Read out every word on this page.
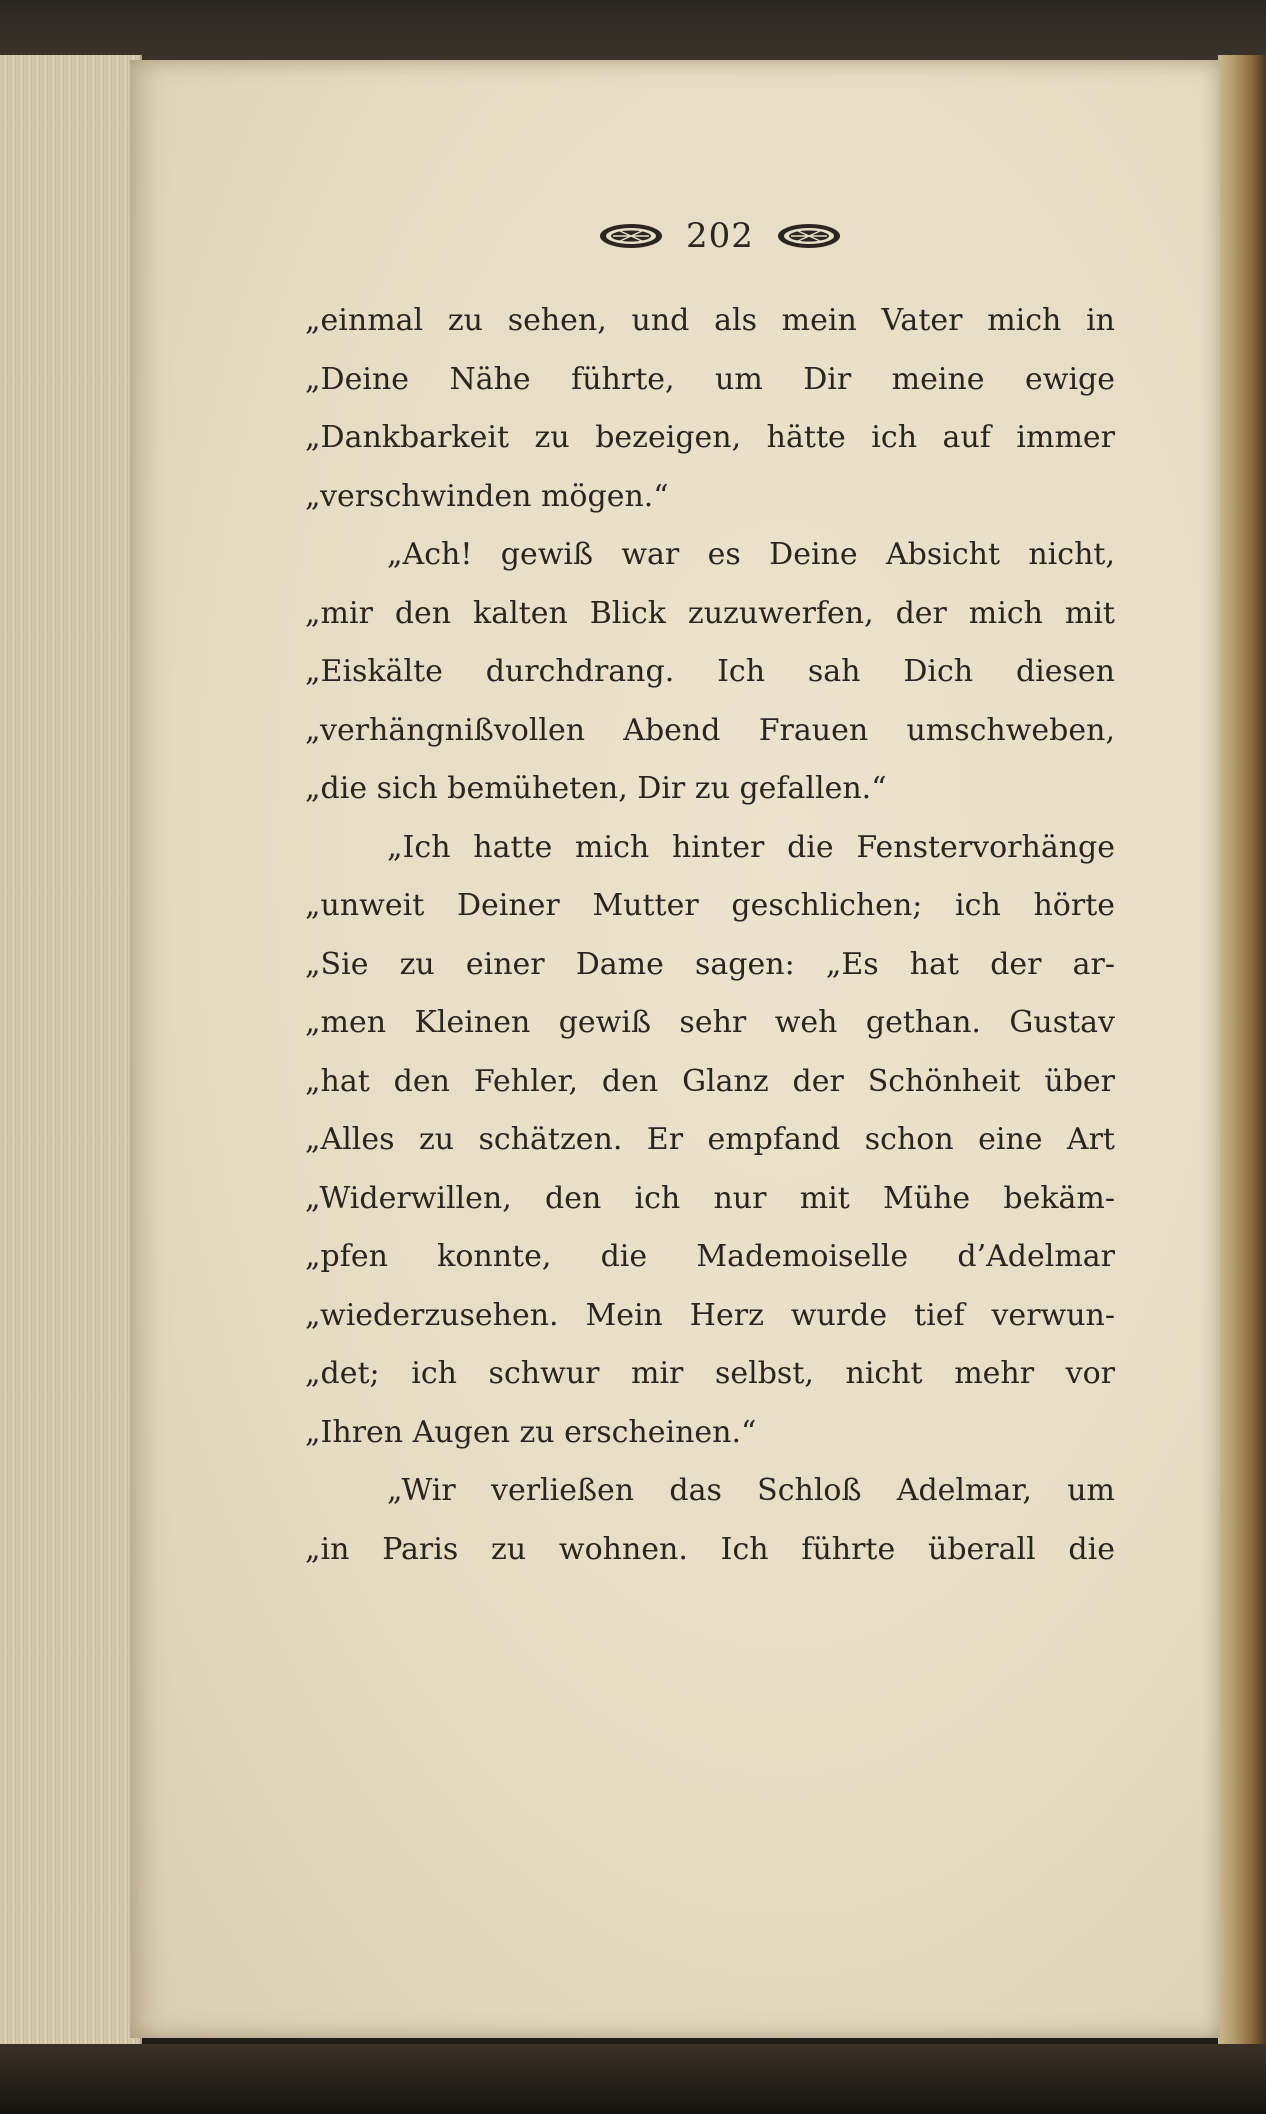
202
„einmal zu sehen, und als mein Vater mich in
„Deine Nähe führte, um Dir meine ewige
„Dankbarkeit zu bezeigen, hätte ich auf immer
„verschwinden mögen.“
„Ach! gewiß war es Deine Absicht nicht,
„mir den kalten Blick zuzuwerfen, der mich mit
„Eiskälte durchdrang. Ich sah Dich diesen
„verhängnißvollen Abend Frauen umschweben,
„die sich bemüheten, Dir zu gefallen.“
„Ich hatte mich hinter die Fenstervorhänge
„unweit Deiner Mutter geschlichen; ich hörte
„Sie zu einer Dame sagen: „Es hat der ar-
„men Kleinen gewiß sehr weh gethan. Gustav
„hat den Fehler, den Glanz der Schönheit über
„Alles zu schätzen. Er empfand schon eine Art
„Widerwillen, den ich nur mit Mühe bekäm-
„pfen konnte, die Mademoiselle d’Adelmar
„wiederzusehen. Mein Herz wurde tief verwun-
„det; ich schwur mir selbst, nicht mehr vor
„Ihren Augen zu erscheinen.“
„Wir verließen das Schloß Adelmar, um
„in Paris zu wohnen. Ich führte überall die
